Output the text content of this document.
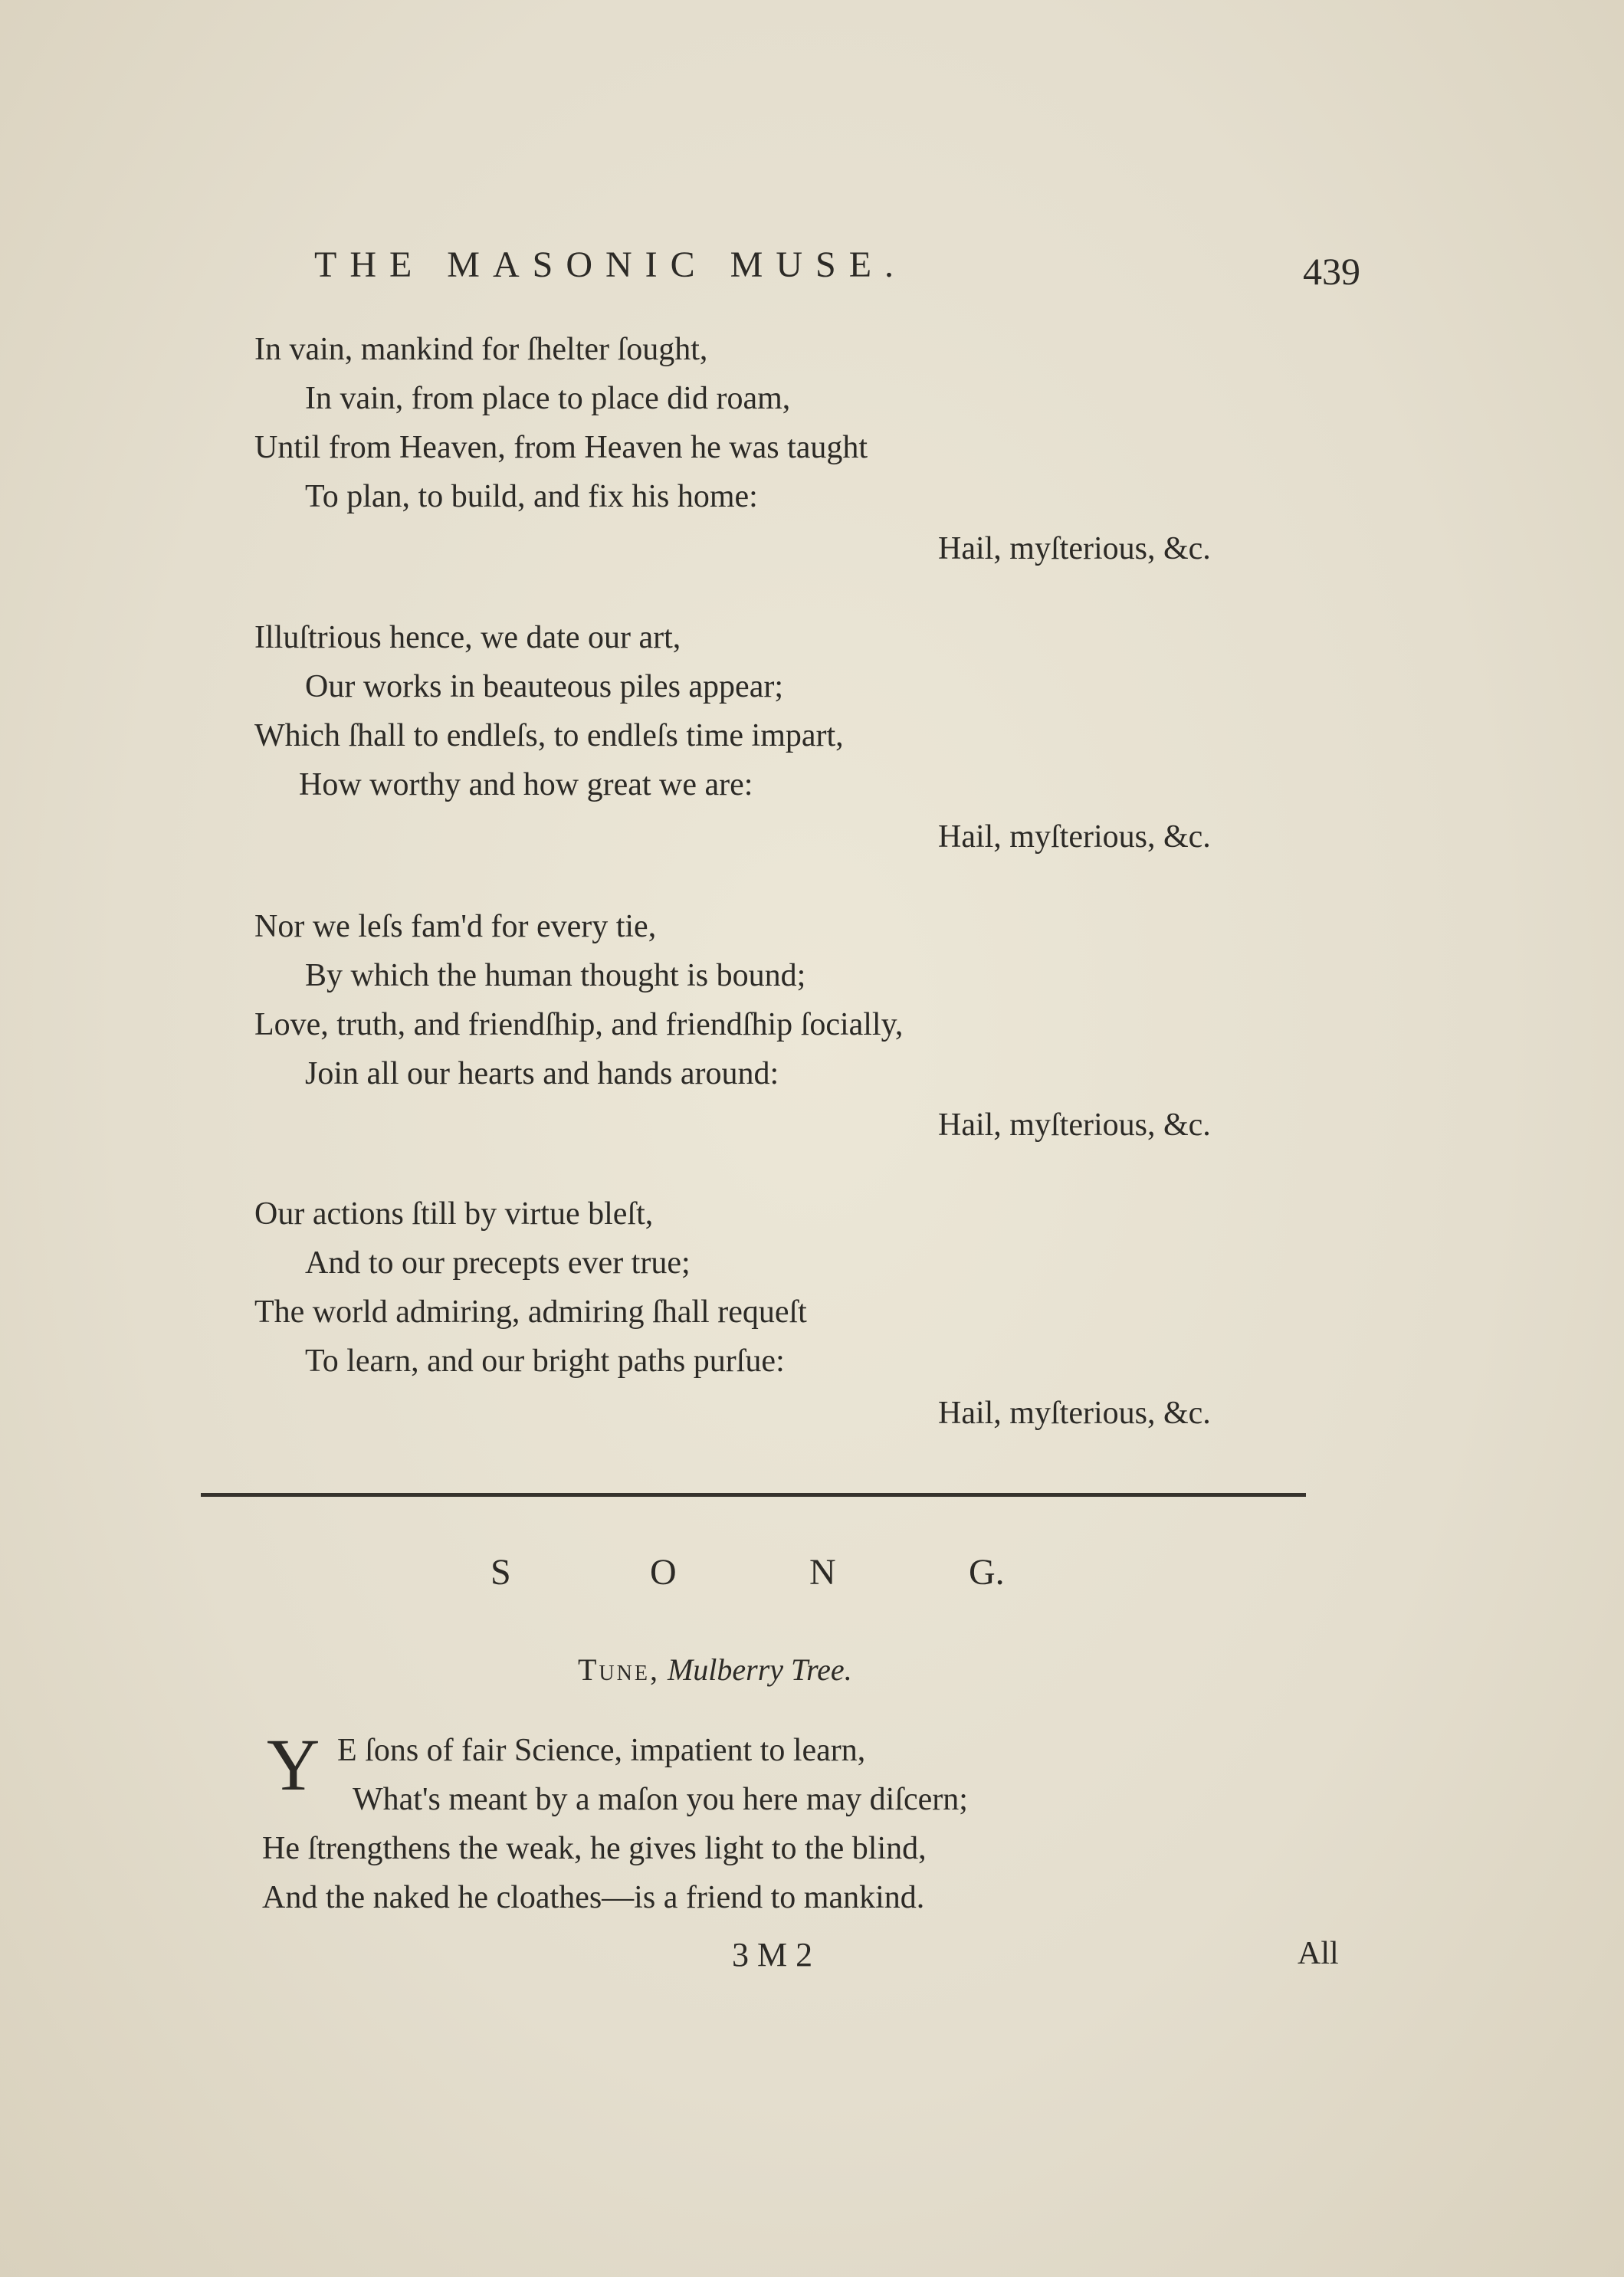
THE MASONIC MUSE.	439
In vain, mankind for ſhelter ſought,
In vain, from place to place did roam,
Until from Heaven, from Heaven he was taught
To plan, to build, and fix his home:
Hail, myſterious, &c.
Illuſtrious hence, we date our art,
Our works in beauteous piles appear;
Which ſhall to endleſs, to endleſs time impart,
How worthy and how great we are:
Hail, myſterious, &c.
Nor we leſs fam'd for every tie,
By which the human thought is bound;
Love, truth, and friendſhip, and friendſhip ſocially,
Join all our hearts and hands around:
Hail, myſterious, &c.
Our actions ſtill by virtue bleſt,
And to our precepts ever true;
The world admiring, admiring ſhall requeſt
To learn, and our bright paths purſue:
Hail, myſterious, &c.
S	O	N	G.
Tune, Mulberry Tree.
Y E ſons of fair Science, impatient to learn,
What's meant by a maſon you here may diſcern;
He ſtrengthens the weak, he gives light to the blind,
And the naked he cloathes—is a friend to mankind.
3 M 2	All
